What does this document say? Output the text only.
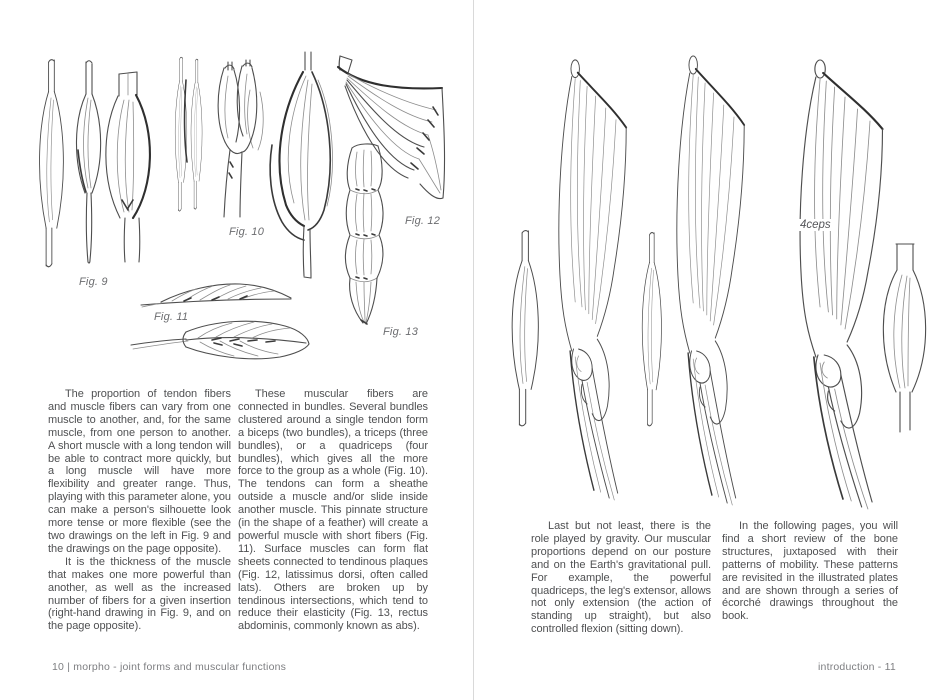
Fig. 9
Fig. 10
Fig. 11
Fig. 12
Fig. 13
4ceps

The proportion of tendon fibers and muscle fibers can vary from one muscle to another, and, for the same muscle, from one person to another. A short muscle with a long tendon will be able to contract more quickly, but a long muscle will have more flexibility and greater range. Thus, playing with this parameter alone, you can make a person's silhouette look more tense or more flexible (see the two drawings on the left in Fig. 9 and the drawings on the page opposite).

It is the thickness of the muscle that makes one more powerful than another, as well as the increased number of fibers for a given insertion (right-hand drawing in Fig. 9, and on the page opposite).

These muscular fibers are connected in bundles. Several bundles clustered around a single tendon form a biceps (two bundles), a triceps (three bundles), or a quadriceps (four bundles), which gives all the more force to the group as a whole (Fig. 10). The tendons can form a sheathe outside a muscle and/or slide inside another muscle. This pinnate structure (in the shape of a feather) will create a powerful muscle with short fibers (Fig. 11). Surface muscles can form flat sheets connected to tendinous plaques (Fig. 12, latissimus dorsi, often called lats). Others are broken up by tendinous intersections, which tend to reduce their elasticity (Fig. 13, rectus abdominis, commonly known as abs).

Last but not least, there is the role played by gravity. Our muscular proportions depend on our posture and on the Earth's gravitational pull. For example, the powerful quadriceps, the leg's extensor, allows not only extension (the action of standing up straight), but also controlled flexion (sitting down).

In the following pages, you will find a short review of the bone structures, juxtaposed with their patterns of mobility. These patterns are revisited in the illustrated plates and are shown through a series of écorché drawings throughout the book.

10 | morpho - joint forms and muscular functions	introduction - 11
